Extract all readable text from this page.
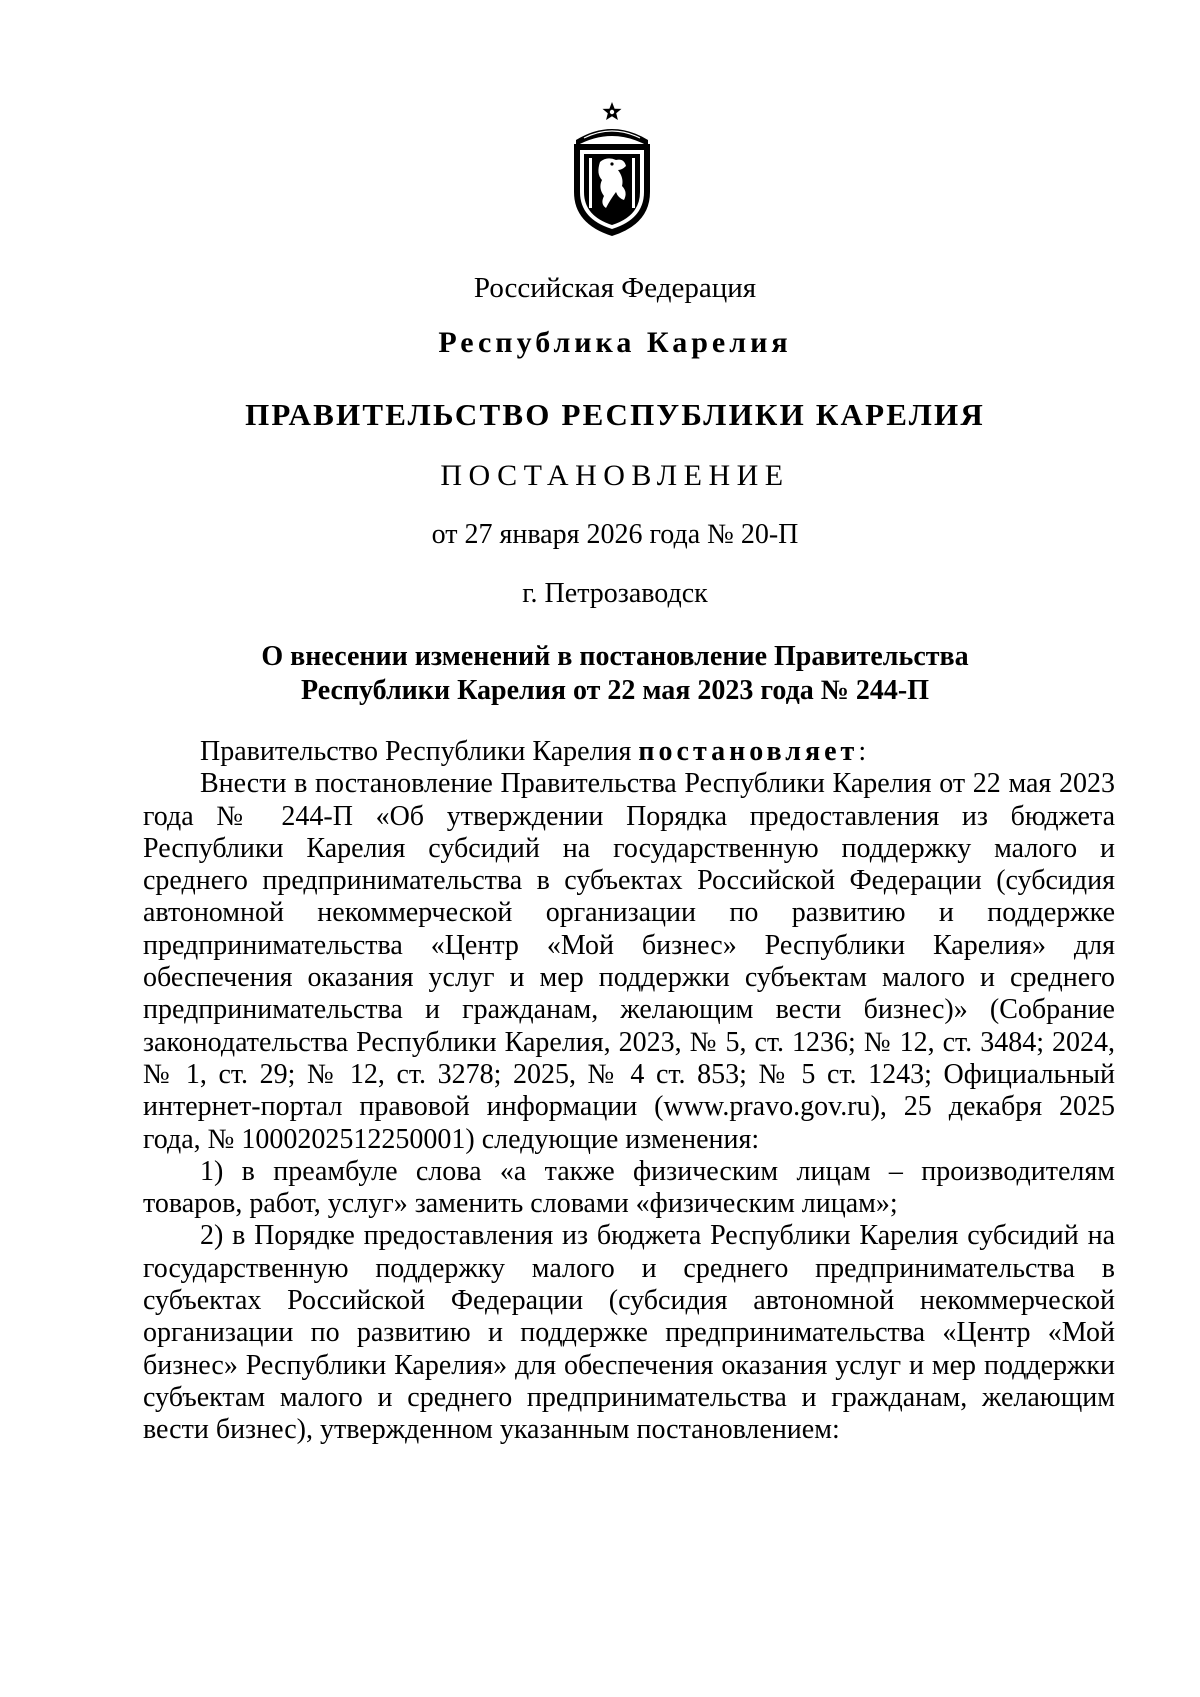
Российская Федерация
Республика Карелия
ПРАВИТЕЛЬСТВО РЕСПУБЛИКИ КАРЕЛИЯ
ПОСТАНОВЛЕНИЕ
от 27 января 2026 года № 20-П
г. Петрозаводск
О внесении изменений в постановление Правительства
Республики Карелия от 22 мая 2023 года № 244-П

Правительство Республики Карелия постановляет:

Внести в постановление Правительства Республики Карелия от 22 мая 2023 года № 244-П «Об утверждении Порядка предоставления из бюджета Республики Карелия субсидий на государственную поддержку малого и среднего предпринимательства в субъектах Российской Федерации (субсидия автономной некоммерческой организации по развитию и поддержке предпринимательства «Центр «Мой бизнес» Республики Карелия» для обеспечения оказания услуг и мер поддержки субъектам малого и среднего предпринимательства и гражданам, желающим вести бизнес)» (Собрание законодательства Республики Карелия, 2023, № 5, ст. 1236; № 12, ст. 3484; 2024, № 1, ст. 29; № 12, ст. 3278; 2025, № 4 ст. 853; № 5 ст. 1243; Официальный интернет-портал правовой информации (www.pravo.gov.ru), 25 декабря 2025 года, № 1000202512250001) следующие изменения:

1) в преамбуле слова «а также физическим лицам – производителям товаров, работ, услуг» заменить словами «физическим лицам»;

2) в Порядке предоставления из бюджета Республики Карелия субсидий на государственную поддержку малого и среднего предпринимательства в субъектах Российской Федерации (субсидия автономной некоммерческой организации по развитию и поддержке предпринимательства «Центр «Мой бизнес» Республики Карелия» для обеспечения оказания услуг и мер поддержки субъектам малого и среднего предпринимательства и гражданам, желающим вести бизнес), утвержденном указанным постановлением:
